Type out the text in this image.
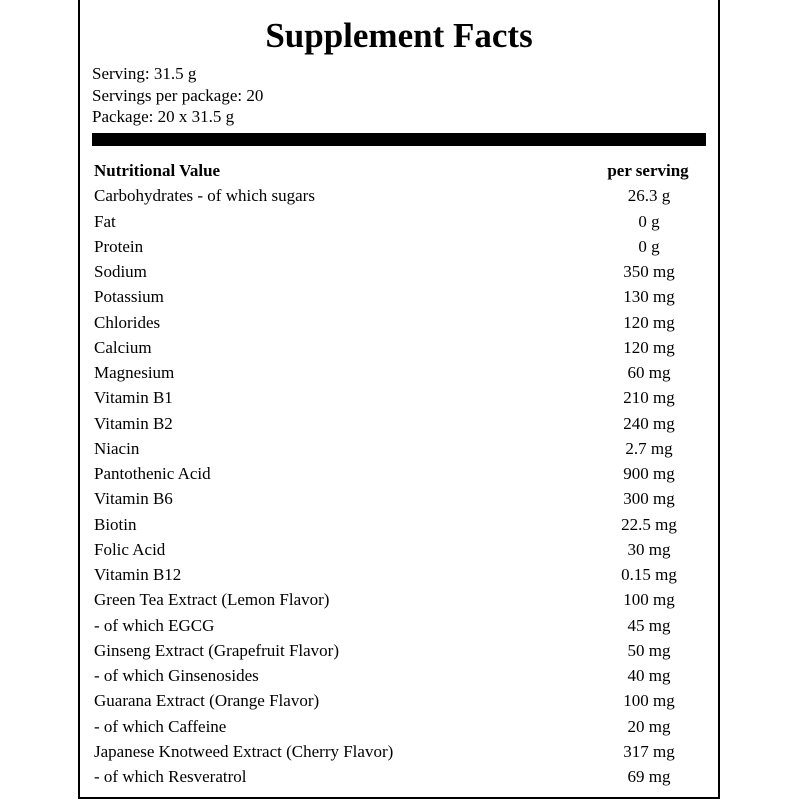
Supplement Facts
Serving: 31.5 g
Servings per package: 20
Package: 20 x 31.5 g
Nutritional Value	per serving
Carbohydrates - of which sugars	26.3 g
Fat	0 g
Protein	0 g
Sodium	350 mg
Potassium	130 mg
Chlorides	120 mg
Calcium	120 mg
Magnesium	60 mg
Vitamin B1	210 mg
Vitamin B2	240 mg
Niacin	2.7 mg
Pantothenic Acid	900 mg
Vitamin B6	300 mg
Biotin	22.5 mg
Folic Acid	30 mg
Vitamin B12	0.15 mg
Green Tea Extract (Lemon Flavor)	100 mg
- of which EGCG	45 mg
Ginseng Extract (Grapefruit Flavor)	50 mg
- of which Ginsenosides	40 mg
Guarana Extract (Orange Flavor)	100 mg
- of which Caffeine	20 mg
Japanese Knotweed Extract (Cherry Flavor)	317 mg
- of which Resveratrol	69 mg
